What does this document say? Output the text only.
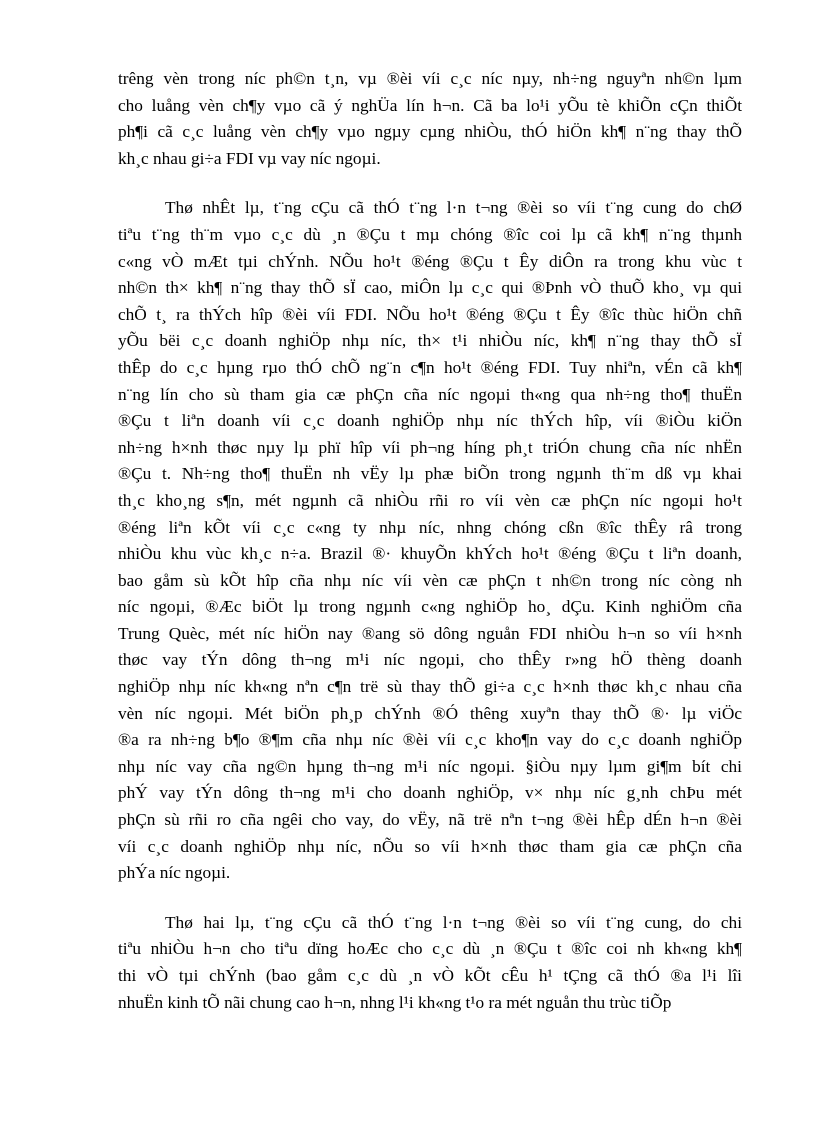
trêng vèn trong níc ph©n t¸n, vµ ®èi víi c¸c níc nµy, nh÷ng nguyªn nh©n lµm
cho luång vèn ch¶y vµo cã ý nghÜa lín h¬n. Cã ba lo¹i yÕu tè khiÕn cÇn thiÕt
ph¶i cã c¸c luång vèn ch¶y vµo ngµy cµng nhiÒu, thÓ hiÖn kh¶ n¨ng thay thÕ
kh¸c nhau gi÷a FDI vµ vay níc ngoµi.
Thø nhÊt lµ, t¨ng cÇu cã thÓ t¨ng l·n t¬ng ®èi so víi t¨ng cung do chØ
tiªu t¨ng th¨m vµo c¸c dù ¸n ®Çu t mµ chóng ®îc coi lµ cã kh¶ n¨ng thµnh
c«ng vÒ mÆt tµi chÝnh. NÕu ho¹t ®éng ®Çu t Êy diÔn ra trong khu vùc t
nh©n th× kh¶ n¨ng thay thÕ sÏ cao, miÔn lµ c¸c qui ®Þnh vÒ thuÕ kho¸ vµ qui
chÕ t¸ ra thÝch hîp ®èi víi FDI. NÕu ho¹t ®éng ®Çu t Êy ®îc thùc hiÖn chñ
yÕu bëi c¸c doanh nghiÖp nhµ níc, th× t¹i nhiÒu níc, kh¶ n¨ng thay thÕ sÏ
thÊp do c¸c hµng rµo thÓ chÕ ng¨n c¶n ho¹t ®éng FDI. Tuy nhiªn, vÉn cã kh¶
n¨ng lín cho sù tham gia cæ phÇn cña níc ngoµi th«ng qua nh÷ng tho¶ thuËn
®Çu t liªn doanh víi c¸c doanh nghiÖp nhµ níc thÝch hîp, víi ®iÒu kiÖn
nh÷ng h×nh thøc nµy lµ phï hîp víi ph¬ng híng ph¸t triÓn chung cña níc nhËn
®Çu t. Nh÷ng tho¶ thuËn nh vËy lµ phæ biÕn trong ngµnh th¨m dß vµ khai
th¸c kho¸ng s¶n, mét ngµnh cã nhiÒu rñi ro víi vèn cæ phÇn níc ngoµi ho¹t
®éng liªn kÕt víi c¸c c«ng ty nhµ níc, nhng chóng cßn ®îc thÊy râ trong
nhiÒu khu vùc kh¸c n÷a. Brazil ®· khuyÕn khÝch ho¹t ®éng ®Çu t liªn doanh,
bao gåm sù kÕt hîp cña nhµ níc víi vèn cæ phÇn t nh©n trong níc còng nh
níc ngoµi, ®Æc biÖt lµ trong ngµnh c«ng nghiÖp ho¸ dÇu. Kinh nghiÖm cña
Trung Quèc, mét níc hiÖn nay ®ang sö dông nguån FDI nhiÒu h¬n so víi h×nh
thøc vay tÝn dông th¬ng m¹i níc ngoµi, cho thÊy r»ng hÖ thèng doanh
nghiÖp nhµ níc kh«ng nªn c¶n trë sù thay thÕ gi÷a c¸c h×nh thøc kh¸c nhau cña
vèn níc ngoµi. Mét biÖn ph¸p chÝnh ®Ó thêng xuyªn thay thÕ ®· lµ viÖc
®a ra nh÷ng b¶o ®¶m cña nhµ níc ®èi víi c¸c kho¶n vay do c¸c doanh nghiÖp
nhµ níc vay cña ng©n hµng th¬ng m¹i níc ngoµi. §iÒu nµy lµm gi¶m bít chi
phÝ vay tÝn dông th¬ng m¹i cho doanh nghiÖp, v× nhµ níc g¸nh chÞu mét
phÇn sù rñi ro cña ngêi cho vay, do vËy, nã trë nªn t¬ng ®èi hÊp dÉn h¬n ®èi
víi c¸c doanh nghiÖp nhµ níc, nÕu so víi h×nh thøc tham gia cæ phÇn cña
phÝa níc ngoµi.
Thø hai lµ, t¨ng cÇu cã thÓ t¨ng l·n t¬ng ®èi so víi t¨ng cung, do chi
tiªu nhiÒu h¬n cho tiªu dïng hoÆc cho c¸c dù ¸n ®Çu t ®îc coi nh kh«ng kh¶
thi vÒ tµi chÝnh (bao gåm c¸c dù ¸n vÒ kÕt cÊu h¹ tÇng cã thÓ ®a l¹i lîi
nhuËn kinh tÕ nãi chung cao h¬n, nhng l¹i kh«ng t¹o ra mét nguån thu trùc tiÕp
